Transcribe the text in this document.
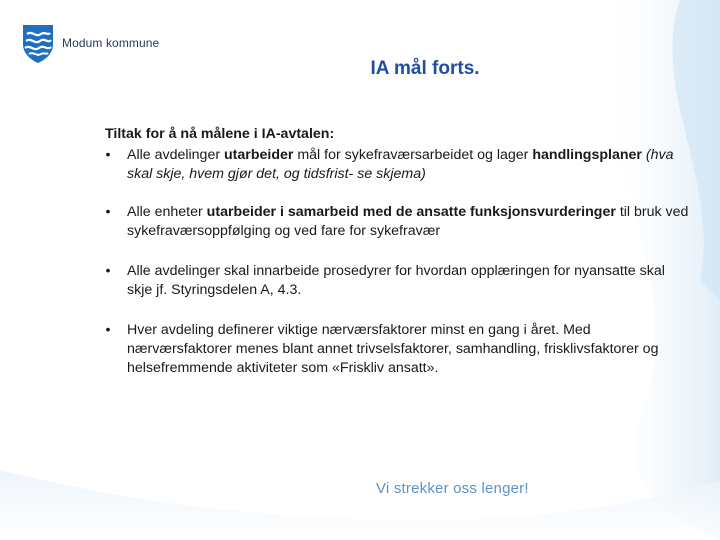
Modum kommune
IA mål forts.
Tiltak for å nå målene i IA-avtalen:
•	Alle avdelinger utarbeider mål for sykefraværsarbeidet og lager handlingsplaner (hva skal skje, hvem gjør det, og tidsfrist- se skjema)
•	Alle enheter utarbeider i samarbeid med de ansatte funksjonsvurderinger til bruk ved sykefraværsoppfølging og ved fare for sykefravær
•	Alle avdelinger skal innarbeide prosedyrer for hvordan opplæringen for nyansatte skal skje jf. Styringsdelen A, 4.3.
•	Hver avdeling definerer viktige nærværsfaktorer minst en gang i året. Med nærværsfaktorer menes blant annet trivselsfaktorer, samhandling, frisklivsfaktorer og helsefremmende aktiviteter som «Friskliv ansatt».
Vi strekker oss lenger!
